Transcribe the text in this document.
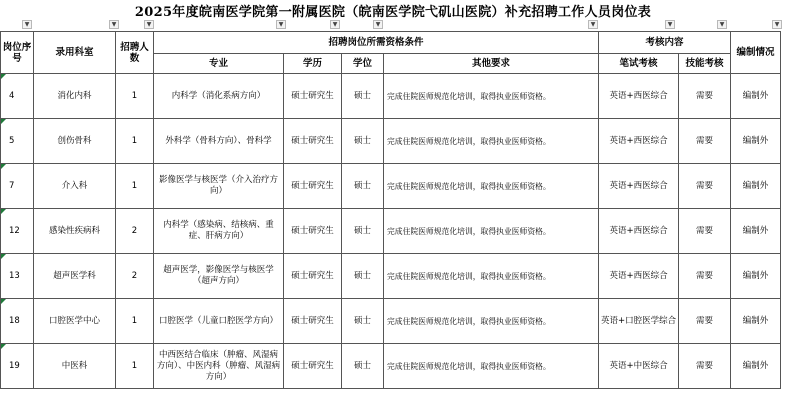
2025年度皖南医学院第一附属医院（皖南医学院弋矶山医院）补充招聘工作人员岗位表
▼	▼	▼	▼	▼	▼	▼	▼	▼	▼
岗位序号	录用科室	招聘人数	招聘岗位所需资格条件				考核内容		编制情况
			专业	学历	学位	其他要求	笔试考核	技能考核	
4	消化内科	1	内科学（消化系病方向）	硕士研究生	硕士	完成住院医师规范化培训，取得执业医师资格。	英语+西医综合	需要	编制外
5	创伤骨科	1	外科学（骨科方向）、骨科学	硕士研究生	硕士	完成住院医师规范化培训，取得执业医师资格。	英语+西医综合	需要	编制外
7	介入科	1	影像医学与核医学（介入治疗方向）	硕士研究生	硕士	完成住院医师规范化培训，取得执业医师资格。	英语+西医综合	需要	编制外
12	感染性疾病科	2	内科学（感染病、结核病、重症、肝病方向）	硕士研究生	硕士	完成住院医师规范化培训，取得执业医师资格。	英语+西医综合	需要	编制外
13	超声医学科	2	超声医学，影像医学与核医学（超声方向）	硕士研究生	硕士	完成住院医师规范化培训，取得执业医师资格。	英语+西医综合	需要	编制外
18	口腔医学中心	1	口腔医学（儿童口腔医学方向）	硕士研究生	硕士	完成住院医师规范化培训，取得执业医师资格。	英语+口腔医学综合	需要	编制外
19	中医科	1	中西医结合临床（肿瘤、风湿病方向）、中医内科（肿瘤、风湿病方向）	硕士研究生	硕士	完成住院医师规范化培训，取得执业医师资格。	英语+中医综合	需要	编制外
